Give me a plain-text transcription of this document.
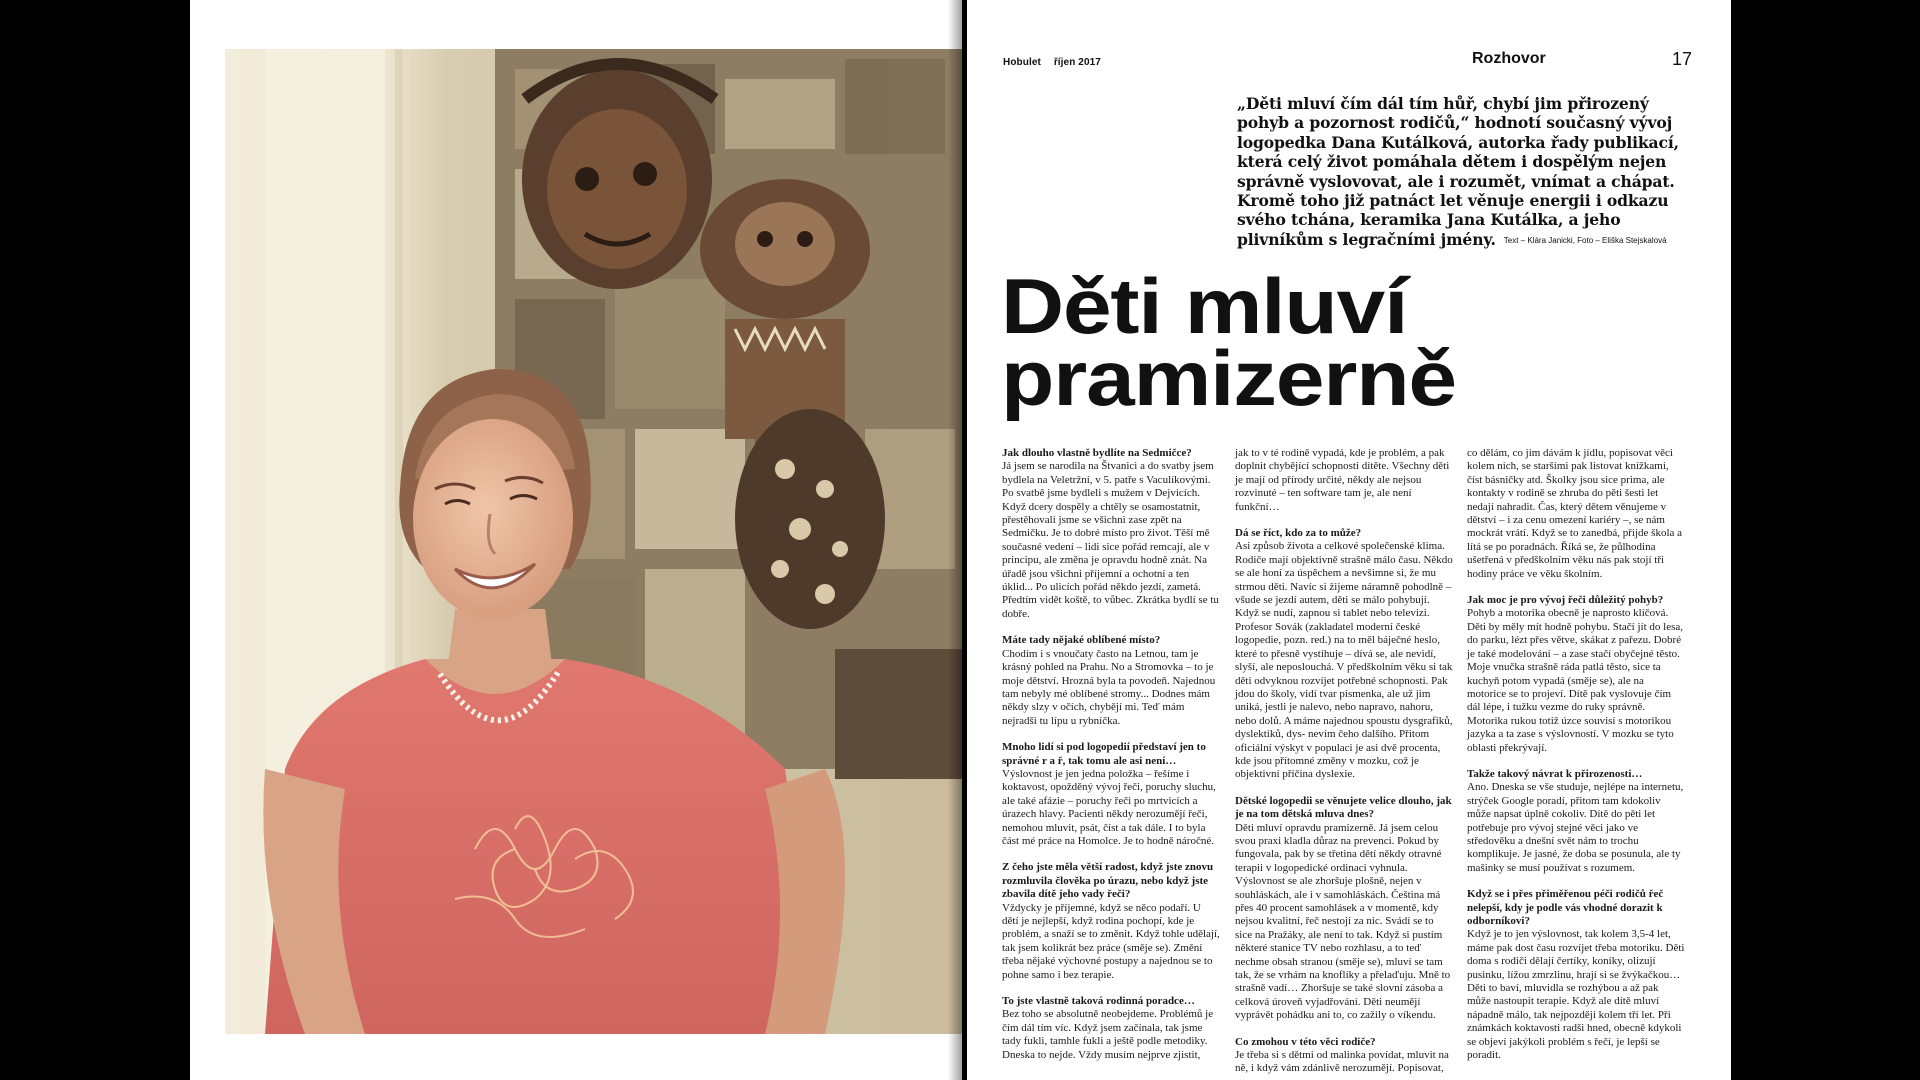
Hobulet říjen 2017	Rozhovor	17
„Děti mluví čím dál tím hůř, chybí jim přirozený pohyb a pozornost rodičů,“ hodnotí současný vývoj logopedka Dana Kutálková, autorka řady publikací, která celý život pomáhala dětem i dospělým nejen správně vyslovovat, ale i rozumět, vnímat a chápat. Kromě toho již patnáct let věnuje energii i odkazu svého tchána, keramika Jana Kutálka, a jeho plivníkům s legračními jmény. Text – Klára Janicki, Foto – Eliška Stejskalová
Děti mluví
pramizerně

Jak dlouho vlastně bydlíte na Sedmičce?

Já jsem se narodila na Štvanici a do svatby jsem bydlela na Veletržní, v 5. patře s Vaculíkovými. Po svatbě jsme bydleli s mužem v Dejvicích. Když dcery dospěly a chtěly se osamostatnit, přestěhovali jsme se všichni zase zpět na Sedmičku. Je to dobré místo pro život. Těší mě současné vedení – lidi sice pořád remcají, ale v principu, ale změna je opravdu hodně znát. Na úřadě jsou všichni příjemní a ochotní a ten úklid... Po ulicích pořád někdo jezdí, zametá. Předtím vidět koště, to vůbec. Zkrátka bydlí se tu dobře.

Máte tady nějaké oblíbené místo?

Chodím i s vnoučaty často na Letnou, tam je krásný pohled na Prahu. No a Stromovka – to je moje dětství. Hrozná byla ta povodeň. Najednou tam nebyly mé oblíbené stromy... Dodnes mám někdy slzy v očích, chybějí mi. Teď mám nejradši tu lípu u rybníčka.

Mnoho lidí si pod logopedií představí jen to správné r a ř, tak tomu ale asi není…

Výslovnost je jen jedna položka – řešíme i koktavost, opožděný vývoj řeči, poruchy sluchu, ale také afázie – poruchy řeči po mrtvicích a úrazech hlavy. Pacienti někdy nerozumějí řeči, nemohou mluvit, psát, číst a tak dále. I to byla část mé práce na Homolce. Je to hodně náročné.

Z čeho jste měla větší radost, když jste znovu rozmluvila člověka po úrazu, nebo když jste zbavila dítě jeho vady řeči?

Vždycky je příjemné, když se něco podaří. U dětí je nejlepší, když rodina pochopí, kde je problém, a snaží se to změnit. Když tohle udělají, tak jsem kolikrát bez práce (směje se). Změní třeba nějaké výchovné postupy a najednou se to pohne samo i bez terapie.

To jste vlastně taková rodinná poradce…

Bez toho se absolutně neobejdeme. Problémů je čím dál tím víc. Když jsem začínala, tak jsme tady fukli, tamhle fukli a ještě podle metodiky. Dneska to nejde. Vždy musím nejprve zjistit,

jak to v té rodině vypadá, kde je problém, a pak doplnit chybějící schopnosti dítěte. Všechny děti je mají od přírody určité, někdy ale nejsou rozvinuté – ten software tam je, ale není funkční…

Dá se říct, kdo za to může?

Asi způsob života a celkové společenské klima. Rodiče mají objektivně strašně málo času. Někdo se ale honí za úspěchem a nevšimne si, že mu strmou děti. Navíc si žijeme náramně pohodlně – všude se jezdí autem, děti se málo pohybují. Když se nudí, zapnou si tablet nebo televizi. Profesor Sovák (zakladatel moderní české logopedie, pozn. red.) na to měl báječné heslo, které to přesně vystihuje – dívá se, ale nevidí, slyší, ale neposlouchá. V předškolním věku si tak děti odvyknou rozvíjet potřebné schopnosti. Pak jdou do školy, vidí tvar písmenka, ale už jim uniká, jestli je nalevo, nebo napravo, nahoru, nebo dolů. A máme najednou spoustu dysgrafiků, dyslektiků, dys- nevím čeho dalšího. Přitom oficiální výskyt v populaci je asi dvě procenta, kde jsou přítomné změny v mozku, což je objektivní příčina dyslexie.

Dětské logopedii se věnujete velice dlouho, jak je na tom dětská mluva dnes?

Děti mluví opravdu pramizerně. Já jsem celou svou praxi kladla důraz na prevenci. Pokud by fungovala, pak by se třetina dětí někdy otravné terapii v logopedické ordinaci vyhnula. Výslovnost se ale zhoršuje plošně, nejen v souhláskách, ale i v samohláskách. Čeština má přes 40 procent samohlásek a v momentě, kdy nejsou kvalitní, řeč nestojí za nic. Svádí se to sice na Pražáky, ale není to tak. Když si pustím některé stanice TV nebo rozhlasu, a to teď nechme obsah stranou (směje se), mluví se tam tak, že se vrhám na knoflíky a přelaďuju. Mně to strašně vadí… Zhoršuje se také slovní zásoba a celková úroveň vyjadřování. Děti neumějí vyprávět pohádku ani to, co zažily o víkendu.

Co zmohou v této věci rodiče?

Je třeba si s dětmi od malinka povídat, mluvit na ně, i když vám zdánlivě nerozumějí. Popisovat,

co dělám, co jim dávám k jídlu, popisovat věci kolem nich, se staršími pak listovat knížkami, číst básničky atd. Školky jsou sice prima, ale kontakty v rodině se zhruba do pěti šesti let nedají nahradit. Čas, který dětem věnujeme v dětství – i za cenu omezení kariéry –, se nám mockrát vrátí. Když se to zanedbá, přijde škola a lítá se po poradnách. Říká se, že půlhodina ušetřená v předškolním věku nás pak stojí tři hodiny práce ve věku školním.

Jak moc je pro vývoj řeči důležitý pohyb?

Pohyb a motorika obecně je naprosto klíčová. Děti by měly mít hodně pohybu. Stačí jít do lesa, do parku, lézt přes větve, skákat z pařezu. Dobré je také modelování – a zase stačí obyčejné těsto. Moje vnučka strašně ráda patlá těsto, sice ta kuchyň potom vypadá (směje se), ale na motorice se to projeví. Dítě pak vyslovuje čím dál lépe, i tužku vezme do ruky správně. Motorika rukou totiž úzce souvisí s motorikou jazyka a ta zase s výslovností. V mozku se tyto oblasti překrývají.

Takže takový návrat k přirozenosti…

Ano. Dneska se vše studuje, nejlépe na internetu, strýček Google poradí, přitom tam kdokoliv může napsat úplně cokoliv. Dítě do pěti let potřebuje pro vývoj stejné věci jako ve středověku a dnešní svět nám to trochu komplikuje. Je jasné, že doba se posunula, ale ty mašinky se musí používat s rozumem.

Když se i přes přiměřenou péči rodičů řeč nelepší, kdy je podle vás vhodné dorazit k odborníkovi?

Když je to jen výslovnost, tak kolem 3,5-4 let, máme pak dost času rozvíjet třeba motoriku. Děti doma s rodiči dělají čertíky, koníky, olizují pusinku, lížou zmrzlinu, hrají si se žvýkačkou… Děti to baví, mluvidla se rozhýbou a až pak může nastoupit terapie. Když ale dítě mluví nápadně málo, tak nejpozději kolem tří let. Při známkách koktavosti radši hned, obecně kdykoli se objeví jakýkoli problém s řečí, je lepší se poradit.
